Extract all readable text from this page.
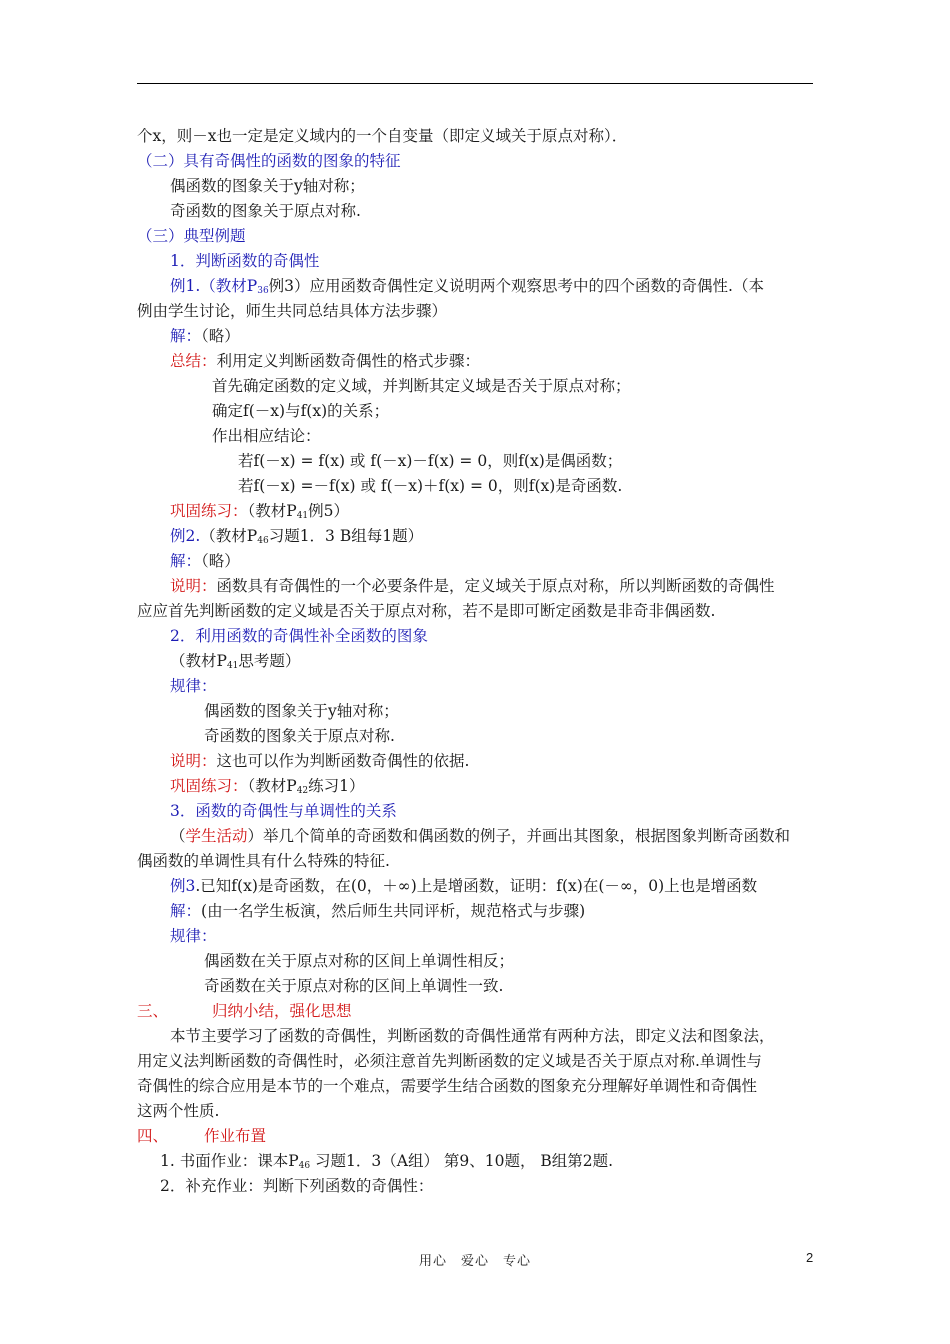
个x，则－x也一定是定义域内的一个自变量（即定义域关于原点对称）．
（二）具有奇偶性的函数的图象的特征
偶函数的图象关于y轴对称；
奇函数的图象关于原点对称.
（三）典型例题
1．判断函数的奇偶性
例1.（教材$P_{36}$例3）应用函数奇偶性定义说明两个观察思考中的四个函数的奇偶性.（本
例由学生讨论，师生共同总结具体方法步骤）
解：（略）
总结：利用定义判断函数奇偶性的格式步骤：
首先确定函数的定义域，并判断其定义域是否关于原点对称；
确定f(－x)与f(x)的关系；
作出相应结论：
若f(－x) = f(x) 或 f(－x)－f(x) = 0，则f(x)是偶函数；
若f(－x) =－f(x) 或 f(－x)＋f(x) = 0，则f(x)是奇函数.
巩固练习：（教材$P_{41}$例5）
例2.（教材$P_{46}$习题1．3 B组每1题）
解：（略）
说明：函数具有奇偶性的一个必要条件是，定义域关于原点对称，所以判断函数的奇偶性
应应首先判断函数的定义域是否关于原点对称，若不是即可断定函数是非奇非偶函数.
2．利用函数的奇偶性补全函数的图象
（教材$P_{41}$思考题）
规律：
偶函数的图象关于y轴对称；
奇函数的图象关于原点对称.
说明：这也可以作为判断函数奇偶性的依据.
巩固练习：（教材$P_{42}$练习1）
3．函数的奇偶性与单调性的关系
（学生活动）举几个简单的奇函数和偶函数的例子，并画出其图象，根据图象判断奇函数和
偶函数的单调性具有什么特殊的特征.
例3.已知f(x)是奇函数，在(0，＋∞)上是增函数，证明：f(x)在(－∞，0)上也是增函数
解：(由一名学生板演，然后师生共同评析，规范格式与步骤)
规律：
偶函数在关于原点对称的区间上单调性相反；
奇函数在关于原点对称的区间上单调性一致.
三、	归纳小结，强化思想
本节主要学习了函数的奇偶性，判断函数的奇偶性通常有两种方法，即定义法和图象法，
用定义法判断函数的奇偶性时，必须注意首先判断函数的定义域是否关于原点对称.单调性与
奇偶性的综合应用是本节的一个难点，需要学生结合函数的图象充分理解好单调性和奇偶性
这两个性质.
四、 作业布置
1. 书面作业：课本$P_{46}$ 习题1．3（A组） 第9、10题， B组第2题.
2．补充作业：判断下列函数的奇偶性：
用心　爱心　专心	2
